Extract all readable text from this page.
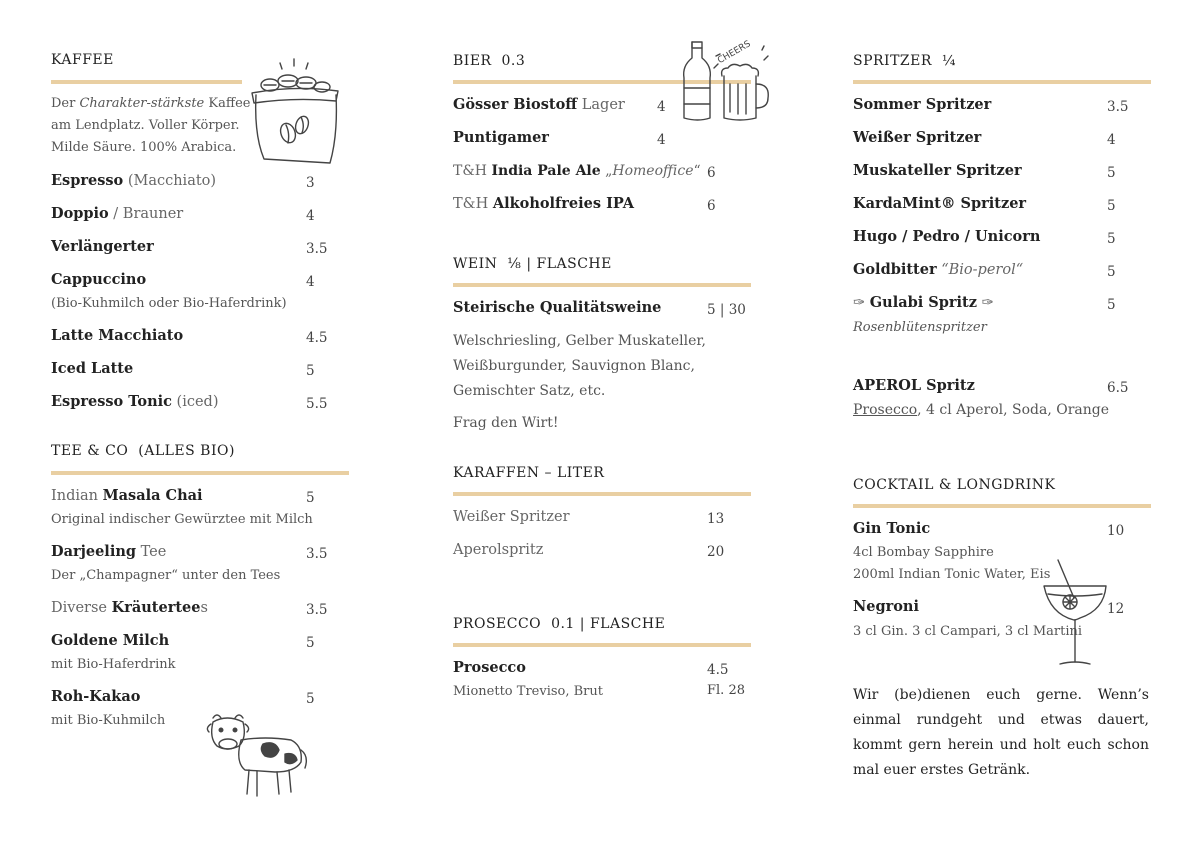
KAFFEE
Der Charakter-stärkste Kaffee
am Lendplatz. Voller Körper.
Milde Säure. 100% Arabica.
Espresso (Macchiato)	3
Doppio / Brauner	4
Verlängerter	3.5
Cappuccino	4
(Bio-Kuhmilch oder Bio-Haferdrink)
Latte Macchiato	4.5
Iced Latte	5
Espresso Tonic (iced)	5.5
TEE & CO (ALLES BIO)
Indian Masala Chai	5
Original indischer Gewürztee mit Milch
Darjeeling Tee	3.5
Der „Champagner“ unter den Tees
Diverse Kräutertees	3.5
Goldene Milch	5
mit Bio-Haferdrink
Roh-Kakao	5
mit Bio-Kuhmilch
BIER 0.3
Gösser Biostoff Lager 4
Puntigamer	4
T&H India Pale Ale „Homeoffice“ 6
T&H Alkoholfreies IPA	6
WEIN ⅛ | FLASCHE
Steirische Qualitätsweine	5 | 30
Welschriesling, Gelber Muskateller,
Weißburgunder, Sauvignon Blanc,
Gemischter Satz, etc.
Frag den Wirt!
KARAFFEN – LITER
Weißer Spritzer	13
Aperolspritz	20
PROSECCO 0.1 | FLASCHE
Prosecco	4.5
Mionetto Treviso, Brut	Fl. 28
CHEERS	SPRITZER ¼
Sommer Spritzer	3.5
Weißer Spritzer	4
Muskateller Spritzer	5
KardaMint® Spritzer	5
Hugo / Pedro / Unicorn	5
Goldbitter “Bio-perol“	5
✑ Gulabi Spritz ✑	5
Rosenblütenspritzer
APEROL Spritz	6.5
Prosecco, 4 cl Aperol, Soda, Orange
COCKTAIL & LONGDRINK
Gin Tonic	10
4cl Bombay Sapphire
200ml Indian Tonic Water, Eis
Negroni	12
3 cl Gin. 3 cl Campari, 3 cl Martini
Wir (be)dienen euch gerne. Wenn’s einmal rundgeht und etwas dauert, kommt gern herein und holt euch schon mal euer erstes Getränk.
